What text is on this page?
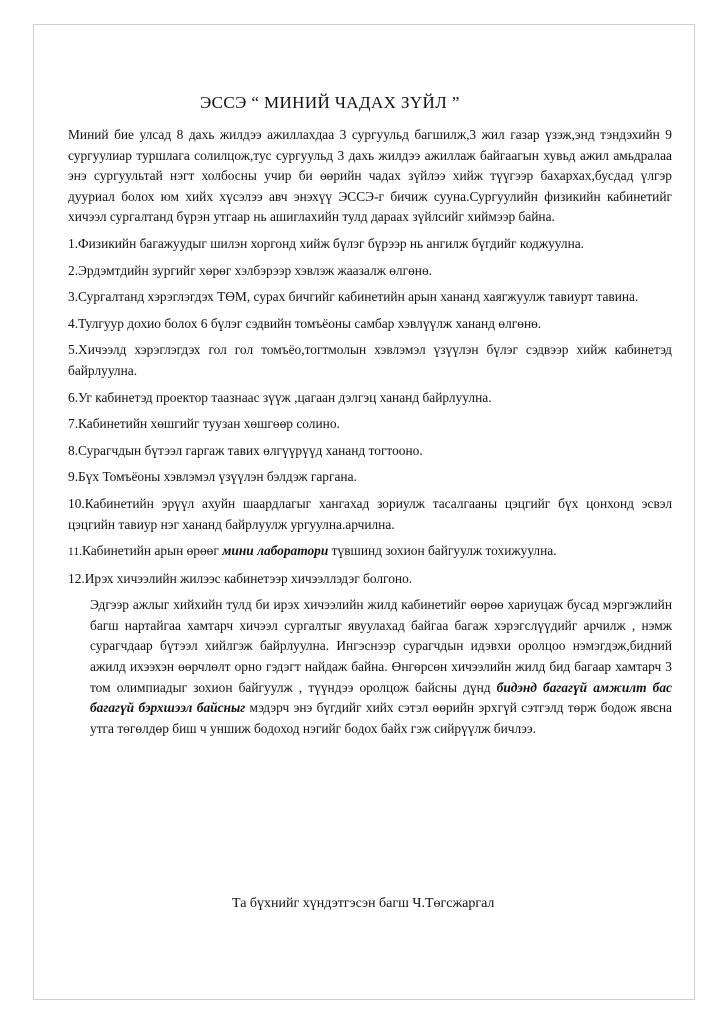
ЭССЭ “ МИНИЙ ЧАДАХ ЗҮЙЛ ”

Миний бие улсад 8 дахь жилдээ ажиллахдаа 3 сургуульд багшилж,3 жил газар үзэж,энд тэндэхийн 9 сургуулиар туршлага солилцож,тус сургуульд 3 дахь жилдээ ажиллаж байгаагын хувьд ажил амьдралаа энэ сургуультай нэгт холбосны учир би өөрийн чадах зүйлээ хийж түүгээр бахархах,бусдад үлгэр дууриал болох юм хийх хүсэлээ авч энэхүү ЭССЭ-г бичиж суунa.Сургуулийн физикийн кабинетийг хичээл сургалтанд бүрэн утгаар нь ашиглахийн тулд дараах зүйлсийг хиймээр байна.

1.Физикийн багажуудыг шилэн хоргонд хийж бүлэг бүрээр нь ангилж бүгдийг коджуулна.
2.Эрдэмтдийн зургийг хөрөг хэлбэрээр хэвлэж жаазалж өлгөнө.
3.Сургалтанд хэрэглэгдэх ТӨМ, сурах бичгийг кабинетийн арын хананд хаягжуулж тавиурт тавина.
4.Тулгуур дохио болох 6 бүлэг сэдвийн томъёоны самбар хэвлүүлж хананд өлгөнө.
5.Хичээлд хэрэглэгдэх гол гол томъёо,тогтмолын хэвлэмэл үзүүлэн бүлэг сэдвээр хийж кабинетэд байрлуулна.
6.Уг кабинетэд проектор таазнаас зүүж ,цагаан дэлгэц хананд байрлуулна.
7.Кабинетийн хөшгийг туузан хөшгөөр солино.
8.Сурагчдын бүтээл гаргаж тавих өлгүүрүүд хананд тогтооно.
9.Бүх Томъёоны хэвлэмэл үзүүлэн бэлдэж гаргана.
10.Кабинетийн эрүүл ахуйн шаардлагыг хангахад зориулж тасалгааны цэцгийг бүх цонхонд эсвэл цэцгийн тавиур нэг хананд байрлуулж ургуулна.арчилна.
11.Кабинетийн арын өрөөг мини лаборатори түвшинд зохион байгуулж тохижуулна.
12.Ирэх хичээлийн жилээс кабинетээр хичээллэдэг болгоно.

Эдгээр ажлыг хийхийн тулд би ирэх хичээлийн жилд кабинетийг өөрөө хариуцаж бусад мэргэжлийн багш нартайгаа хамтарч хичээл сургалтыг явуулахад байгаа багаж хэрэгслүүдийг арчилж , нэмж сурагчдаар бүтээл хийлгэж байрлуулна. Ингэснээр сурагчдын идэвхи оролцоо нэмэгдэж,бидний ажилд ихээхэн өөрчлөлт орно гэдэгт найдаж байна. Өнгөрсөн хичээлийн жилд бид багаар хамтарч 3 том олимпиадыг зохион байгуулж , түүндээ оролцож байсны дүнд бидэнд багагүй амжилт бас багагүй бэрхшээл байсныг мэдэрч энэ бүгдийг хийх сэтэл өөрийн эрхгүй сэтгэлд төрж бодож явсна утга төгөлдөр биш ч уншиж бодоход нэгийг бодох байх гэж сийрүүлж бичлээ.

Та бүхнийг хүндэтгэсэн багш Ч.Төгсжаргал
